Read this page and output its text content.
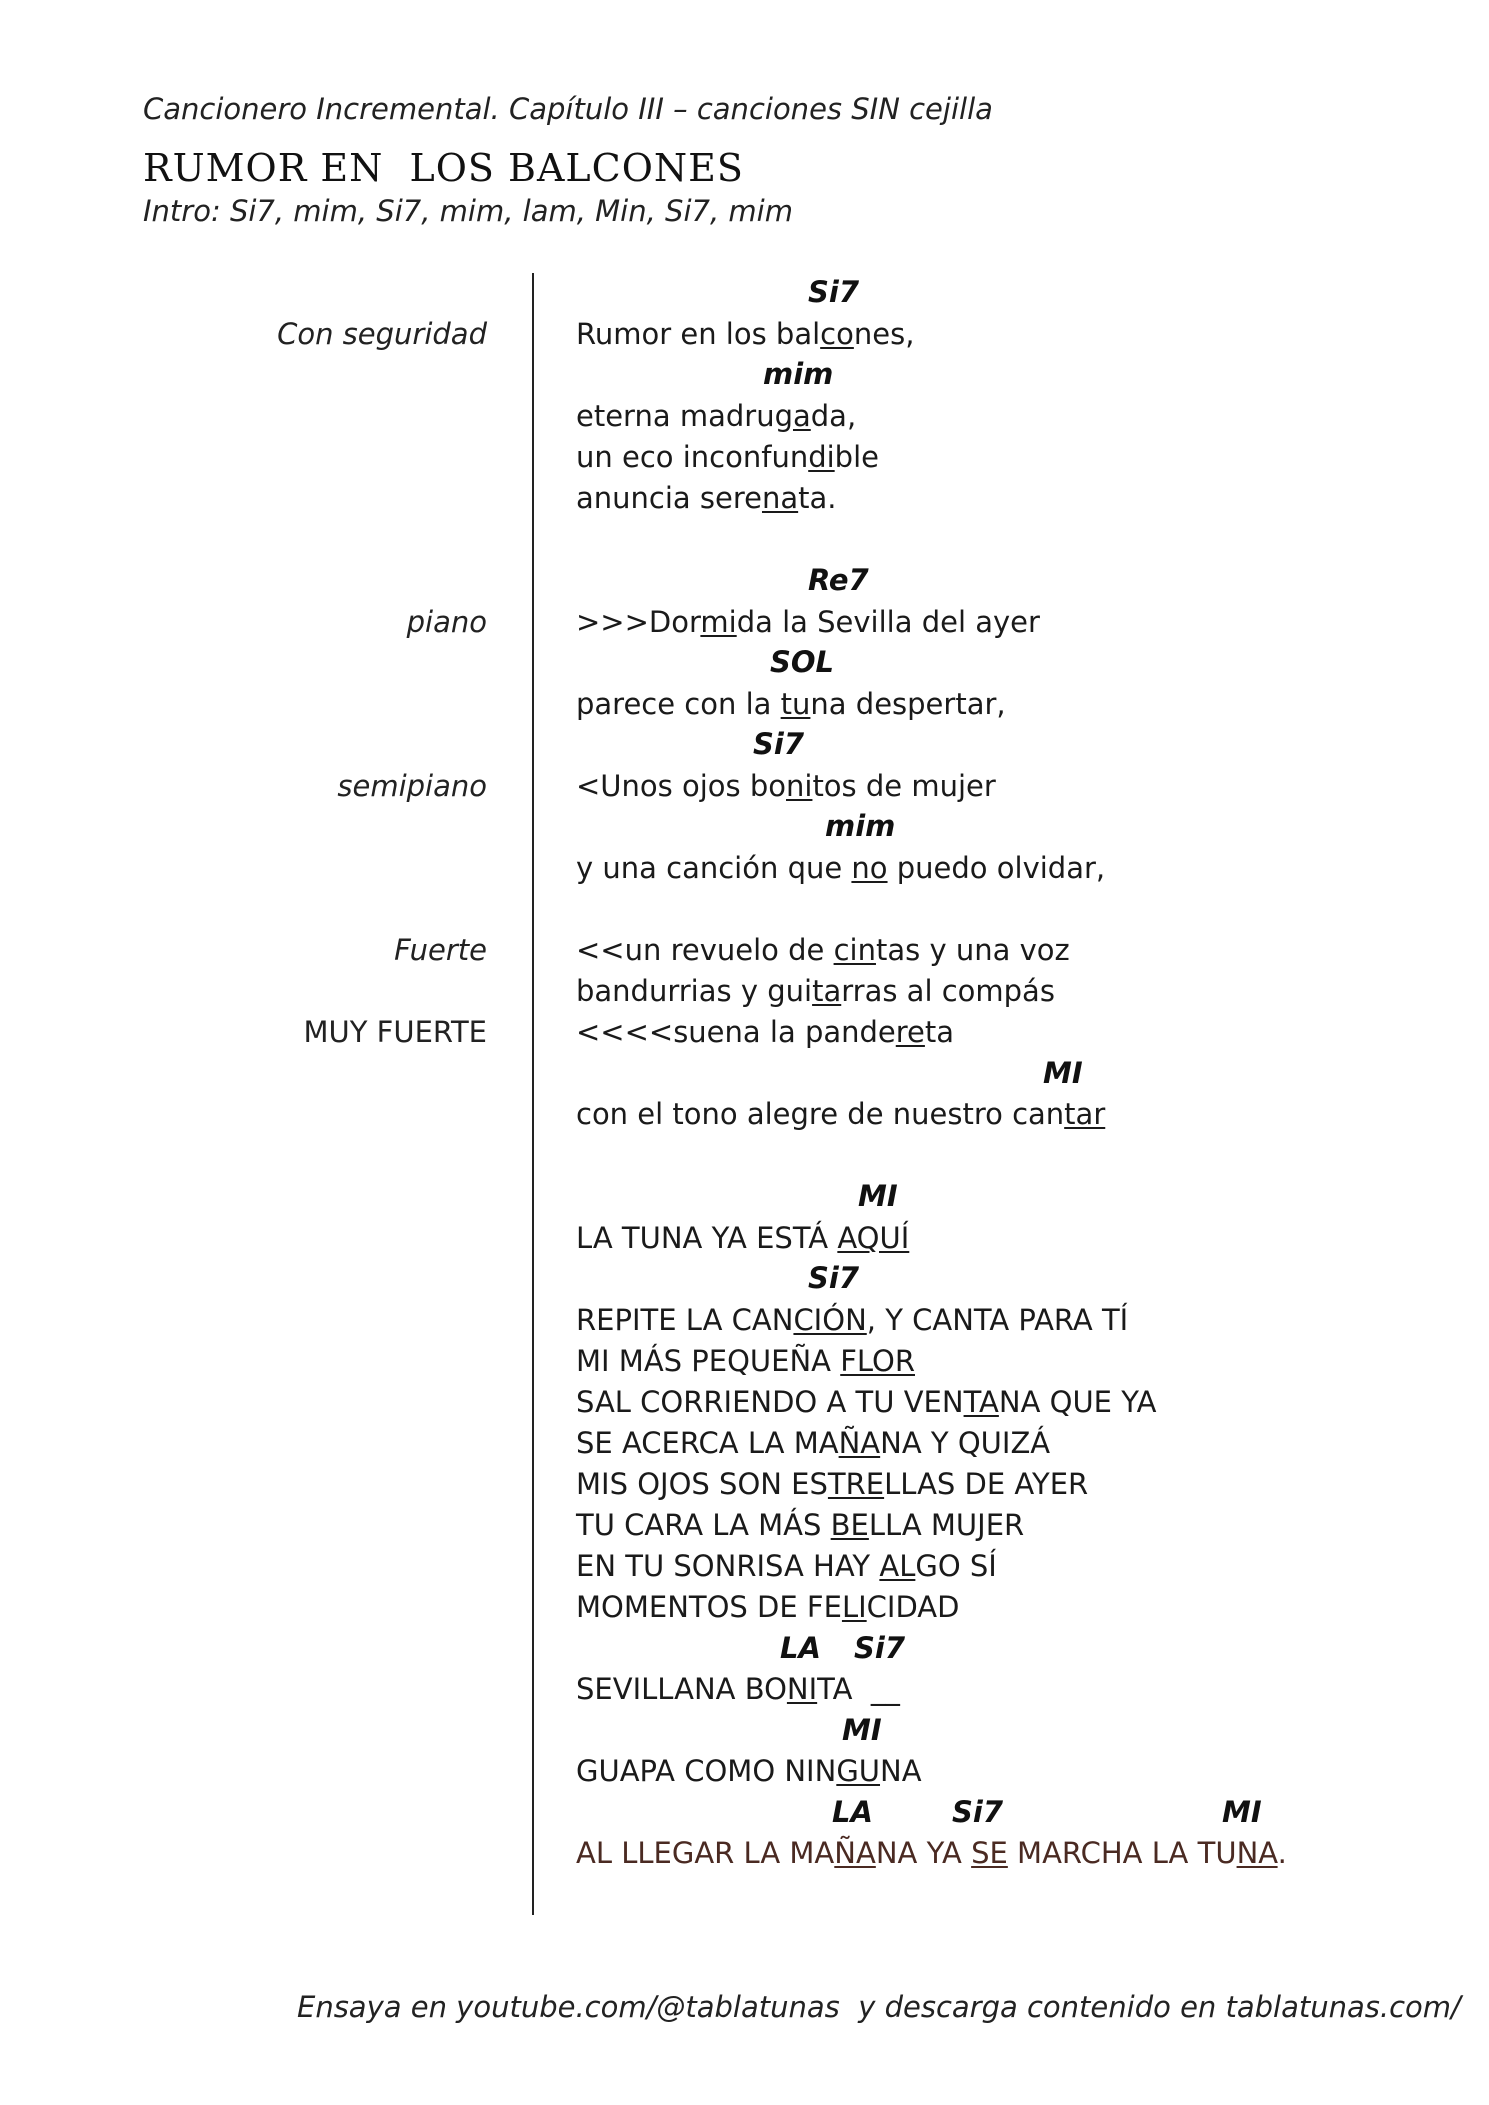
Cancionero Incremental. Capítulo III – canciones SIN cejilla
RUMOR EN  LOS BALCONES
Intro: Si7, mim, Si7, mim, lam, Min, Si7, mim
Con seguridad
piano
semipiano
Fuerte
MUY FUERTE
Si7
mim
Re7
SOL
Si7
mim
MI
MI
Si7
LA Si7
MI
LA	Si7	MI
Rumor en los balcones,
eterna madrugada,
un eco inconfundible
anuncia serenata.
>>>Dormida la Sevilla del ayer
parece con la tuna despertar,
<Unos ojos bonitos de mujer
y una canción que no puedo olvidar,
<<un revuelo de cintas y una voz
bandurrias y guitarras al compás
<<<<suena la pandereta
con el tono alegre de nuestro cantar
LA TUNA YA ESTÁ AQUÍ
REPITE LA CANCIÓN, Y CANTA PARA TÍ
MI MÁS PEQUEÑA FLOR
SAL CORRIENDO A TU VENTANA QUE YA
SE ACERCA LA MAÑANA Y QUIZÁ
MIS OJOS SON ESTRELLAS DE AYER
TU CARA LA MÁS BELLA MUJER
EN TU SONRISA HAY ALGO SÍ
MOMENTOS DE FELICIDAD
SEVILLANA BONITA  __
GUAPA COMO NINGUNA
AL LLEGAR LA MAÑANA YA SE MARCHA LA TUNA.
Ensaya en youtube.com/@tablatunas  y descarga contenido en tablatunas.com/
